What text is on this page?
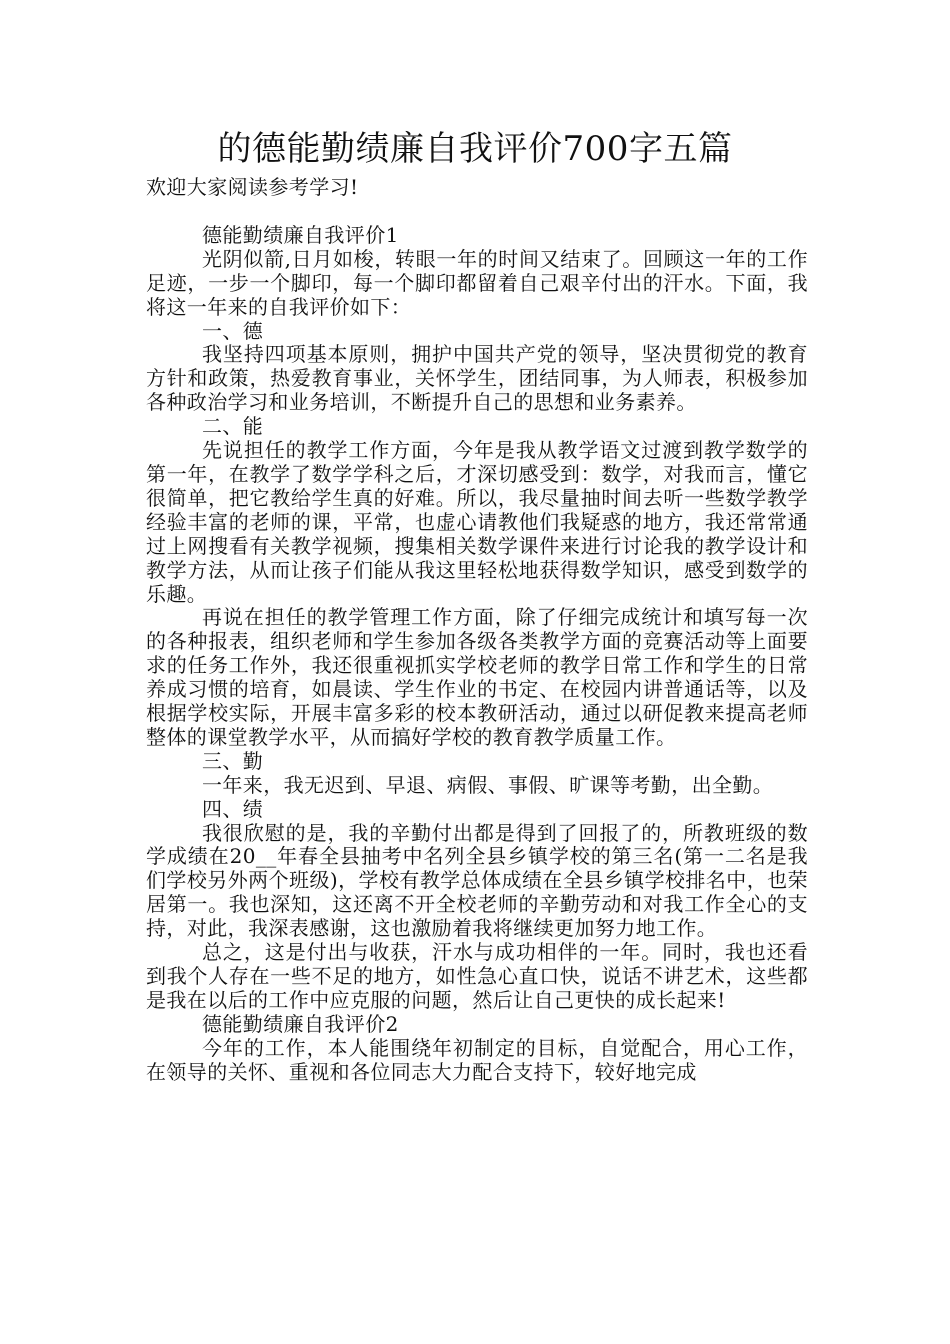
的德能勤绩廉自我评价700字五篇

欢迎大家阅读参考学习!

德能勤绩廉自我评价1

光阴似箭,日月如梭，转眼一年的时间又结束了。回顾这一年的工作足迹，一步一个脚印，每一个脚印都留着自己艰辛付出的汗水。下面，我将这一年来的自我评价如下：

一、德

我坚持四项基本原则，拥护中国共产党的领导，坚决贯彻党的教育方针和政策，热爱教育事业，关怀学生，团结同事，为人师表，积极参加各种政治学习和业务培训，不断提升自己的思想和业务素养。

二、能

先说担任的教学工作方面，今年是我从教学语文过渡到教学数学的第一年，在教学了数学学科之后，才深切感受到：数学，对我而言，懂它很简单，把它教给学生真的好难。所以，我尽量抽时间去听一些数学教学经验丰富的老师的课，平常，也虚心请教他们我疑惑的地方，我还常常通过上网搜看有关教学视频，搜集相关数学课件来进行讨论我的教学设计和教学方法，从而让孩子们能从我这里轻松地获得数学知识，感受到数学的乐趣。

再说在担任的教学管理工作方面，除了仔细完成统计和填写每一次的各种报表，组织老师和学生参加各级各类教学方面的竞赛活动等上面要求的任务工作外，我还很重视抓实学校老师的教学日常工作和学生的日常养成习惯的培育，如晨读、学生作业的书定、在校园内讲普通话等，以及根据学校实际，开展丰富多彩的校本教研活动，通过以研促教来提高老师整体的课堂教学水平，从而搞好学校的教育教学质量工作。

三、勤

一年来，我无迟到、早退、病假、事假、旷课等考勤，出全勤。

四、绩

我很欣慰的是，我的辛勤付出都是得到了回报了的，所教班级的数学成绩在20__年春全县抽考中名列全县乡镇学校的第三名(第一二名是我们学校另外两个班级)，学校有教学总体成绩在全县乡镇学校排名中，也荣居第一。我也深知，这还离不开全校老师的辛勤劳动和对我工作全心的支持，对此，我深表感谢，这也激励着我将继续更加努力地工作。

总之，这是付出与收获，汗水与成功相伴的一年。同时，我也还看到我个人存在一些不足的地方，如性急心直口快，说话不讲艺术，这些都是我在以后的工作中应克服的问题，然后让自己更快的成长起来!

德能勤绩廉自我评价2

今年的工作，本人能围绕年初制定的目标，自觉配合，用心工作，在领导的关怀、重视和各位同志大力配合支持下，较好地完成
